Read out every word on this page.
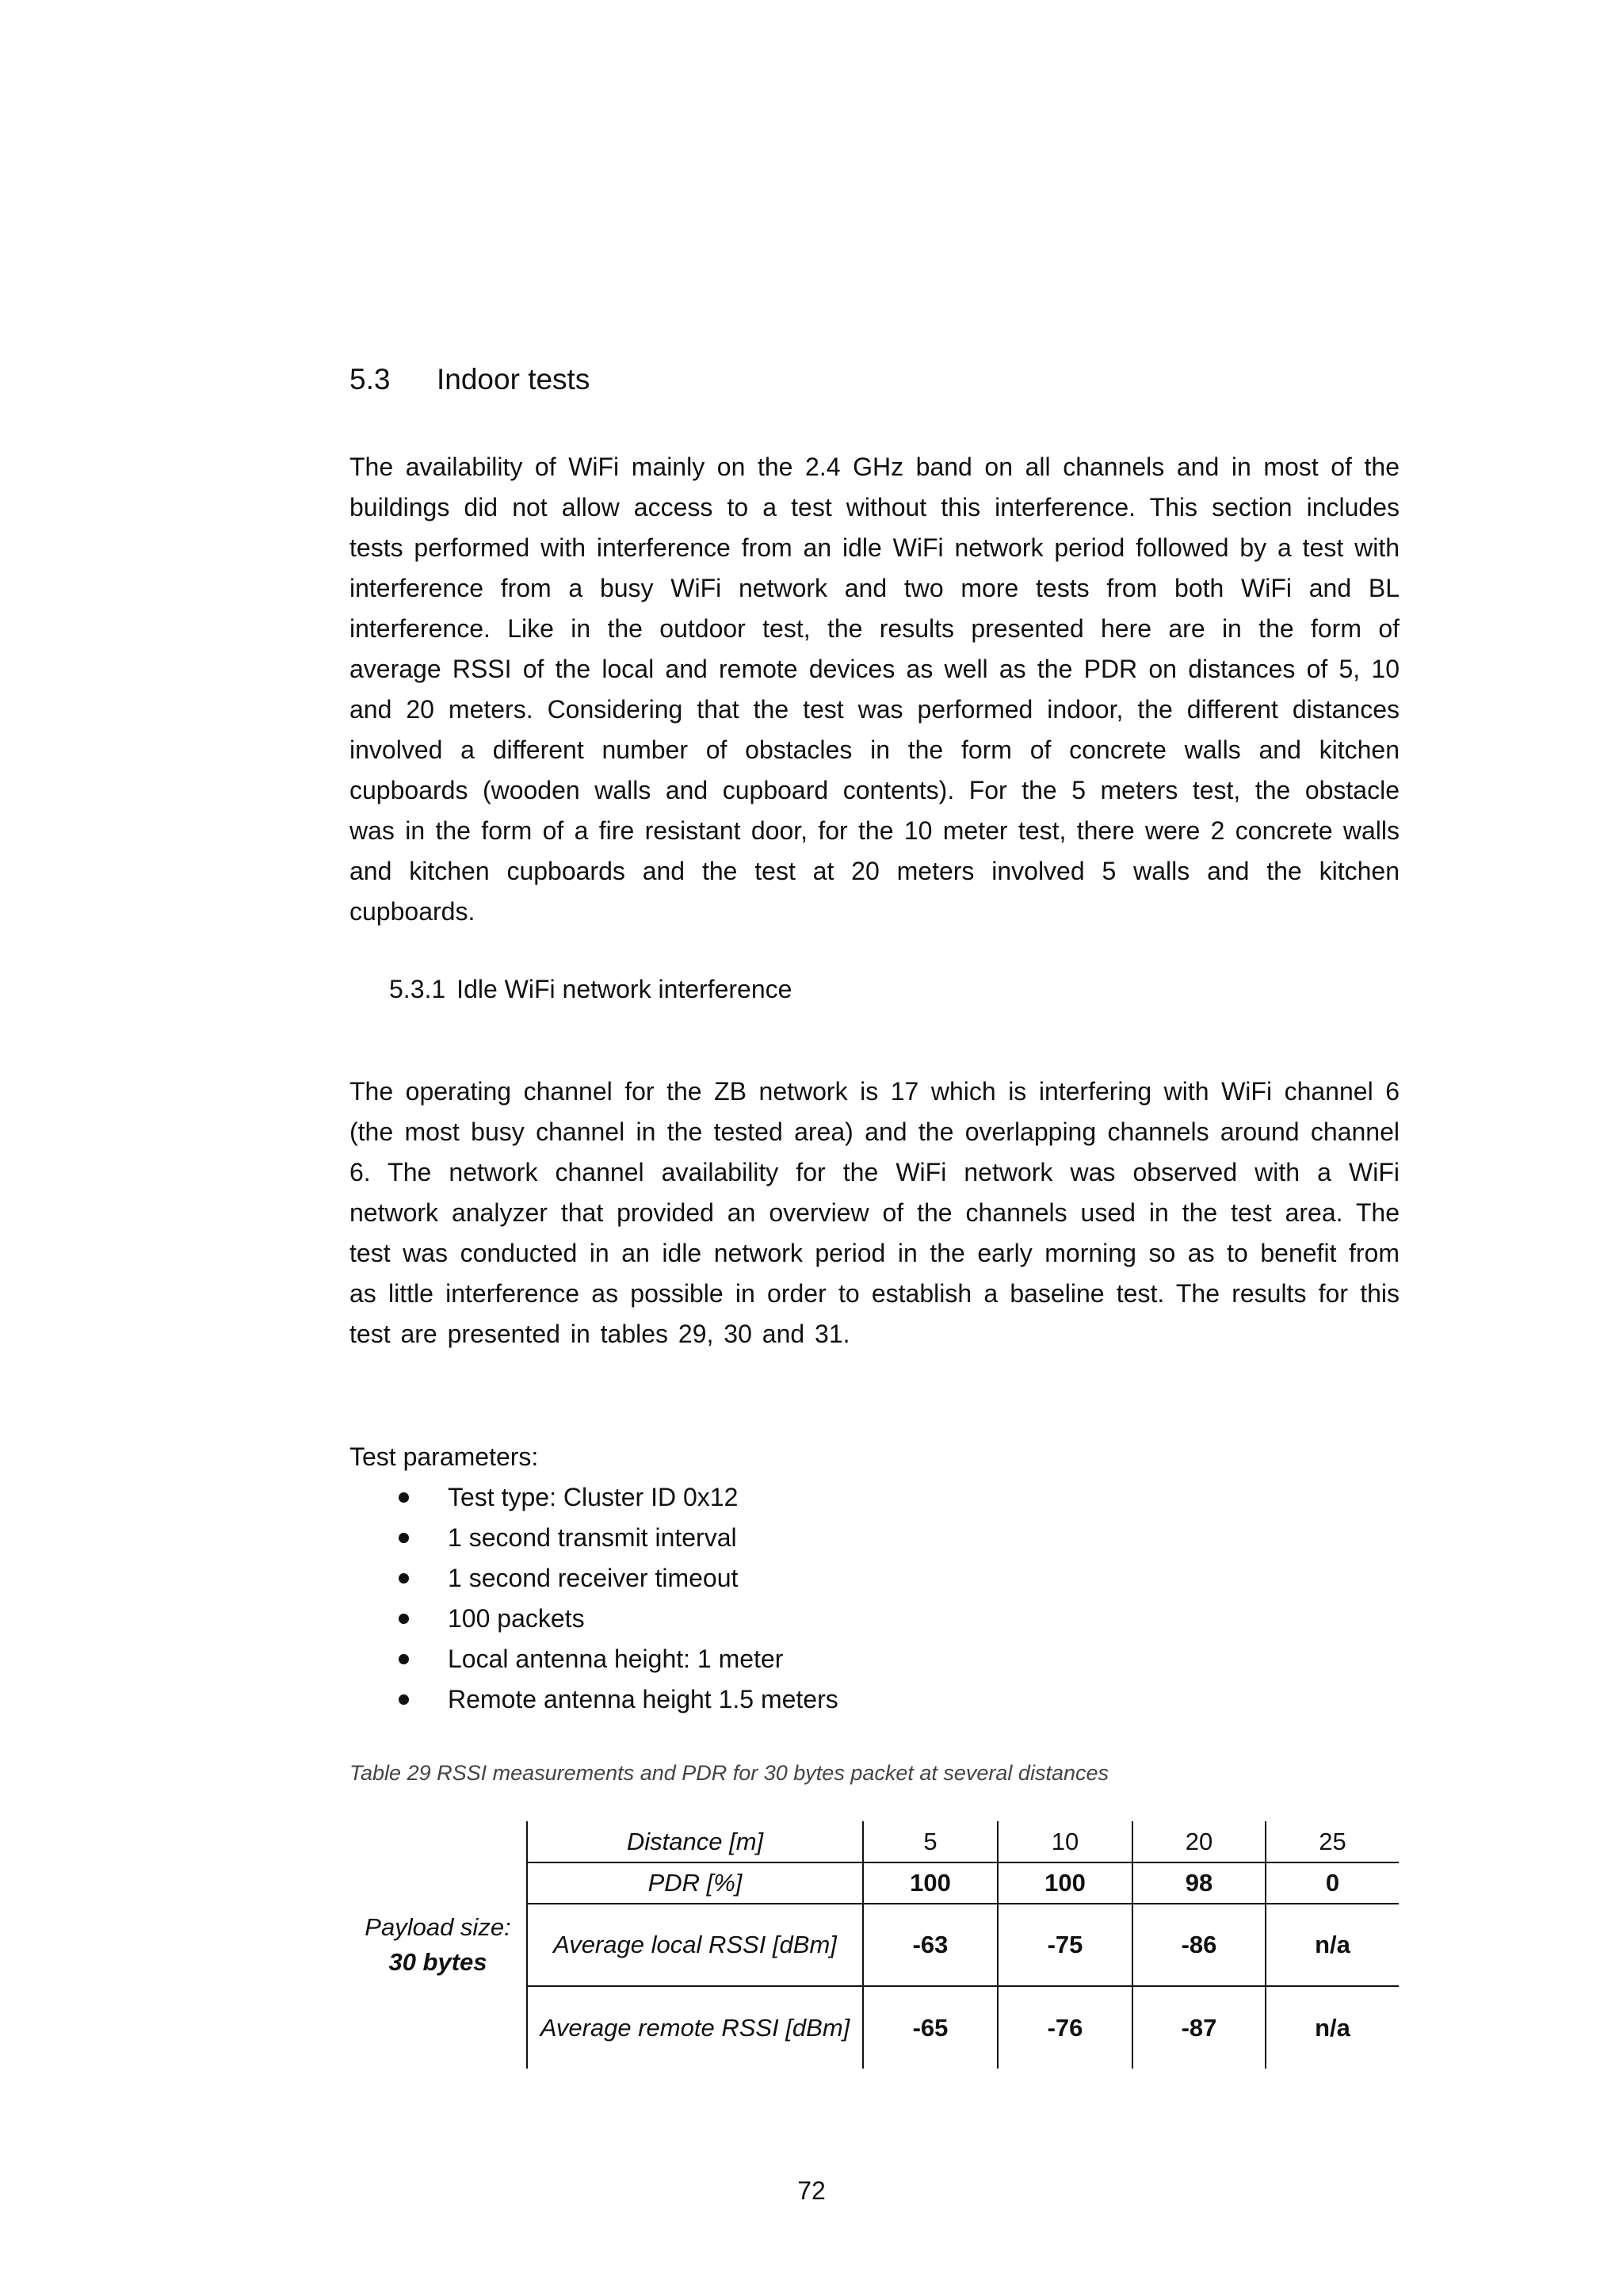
5.3 Indoor tests

The availability of WiFi mainly on the 2.4 GHz band on all channels and in most of the buildings did not allow access to a test without this interference. This section includes tests performed with interference from an idle WiFi network period followed by a test with interference from a busy WiFi network and two more tests from both WiFi and BL interference. Like in the outdoor test, the results presented here are in the form of average RSSI of the local and remote devices as well as the PDR on distances of 5, 10 and 20 meters. Considering that the test was performed indoor, the different distances involved a different number of obstacles in the form of concrete walls and kitchen cupboards (wooden walls and cupboard contents). For the 5 meters test, the obstacle was in the form of a fire resistant door, for the 10 meter test, there were 2 concrete walls and kitchen cupboards and the test at 20 meters involved 5 walls and the kitchen cupboards.

5.3.1 Idle WiFi network interference

The operating channel for the ZB network is 17 which is interfering with WiFi channel 6 (the most busy channel in the tested area) and the overlapping channels around channel 6. The network channel availability for the WiFi network was observed with a WiFi network analyzer that provided an overview of the channels used in the test area. The test was conducted in an idle network period in the early morning so as to benefit from as little interference as possible in order to establish a baseline test. The results for this test are presented in tables 29, 30 and 31.

Test parameters:
Test type: Cluster ID 0x12
1 second transmit interval
1 second receiver timeout
100 packets
Local antenna height: 1 meter
Remote antenna height 1.5 meters
Table 29 RSSI measurements and PDR for 30 bytes packet at several distances
Payload size: 30 bytes	Distance [m]	5	10	20	25
	PDR [%]	100	100	98	0
	Average local RSSI [dBm]	-63	-75	-86	n/a
	Average remote RSSI [dBm]	-65	-76	-87	n/a
72
